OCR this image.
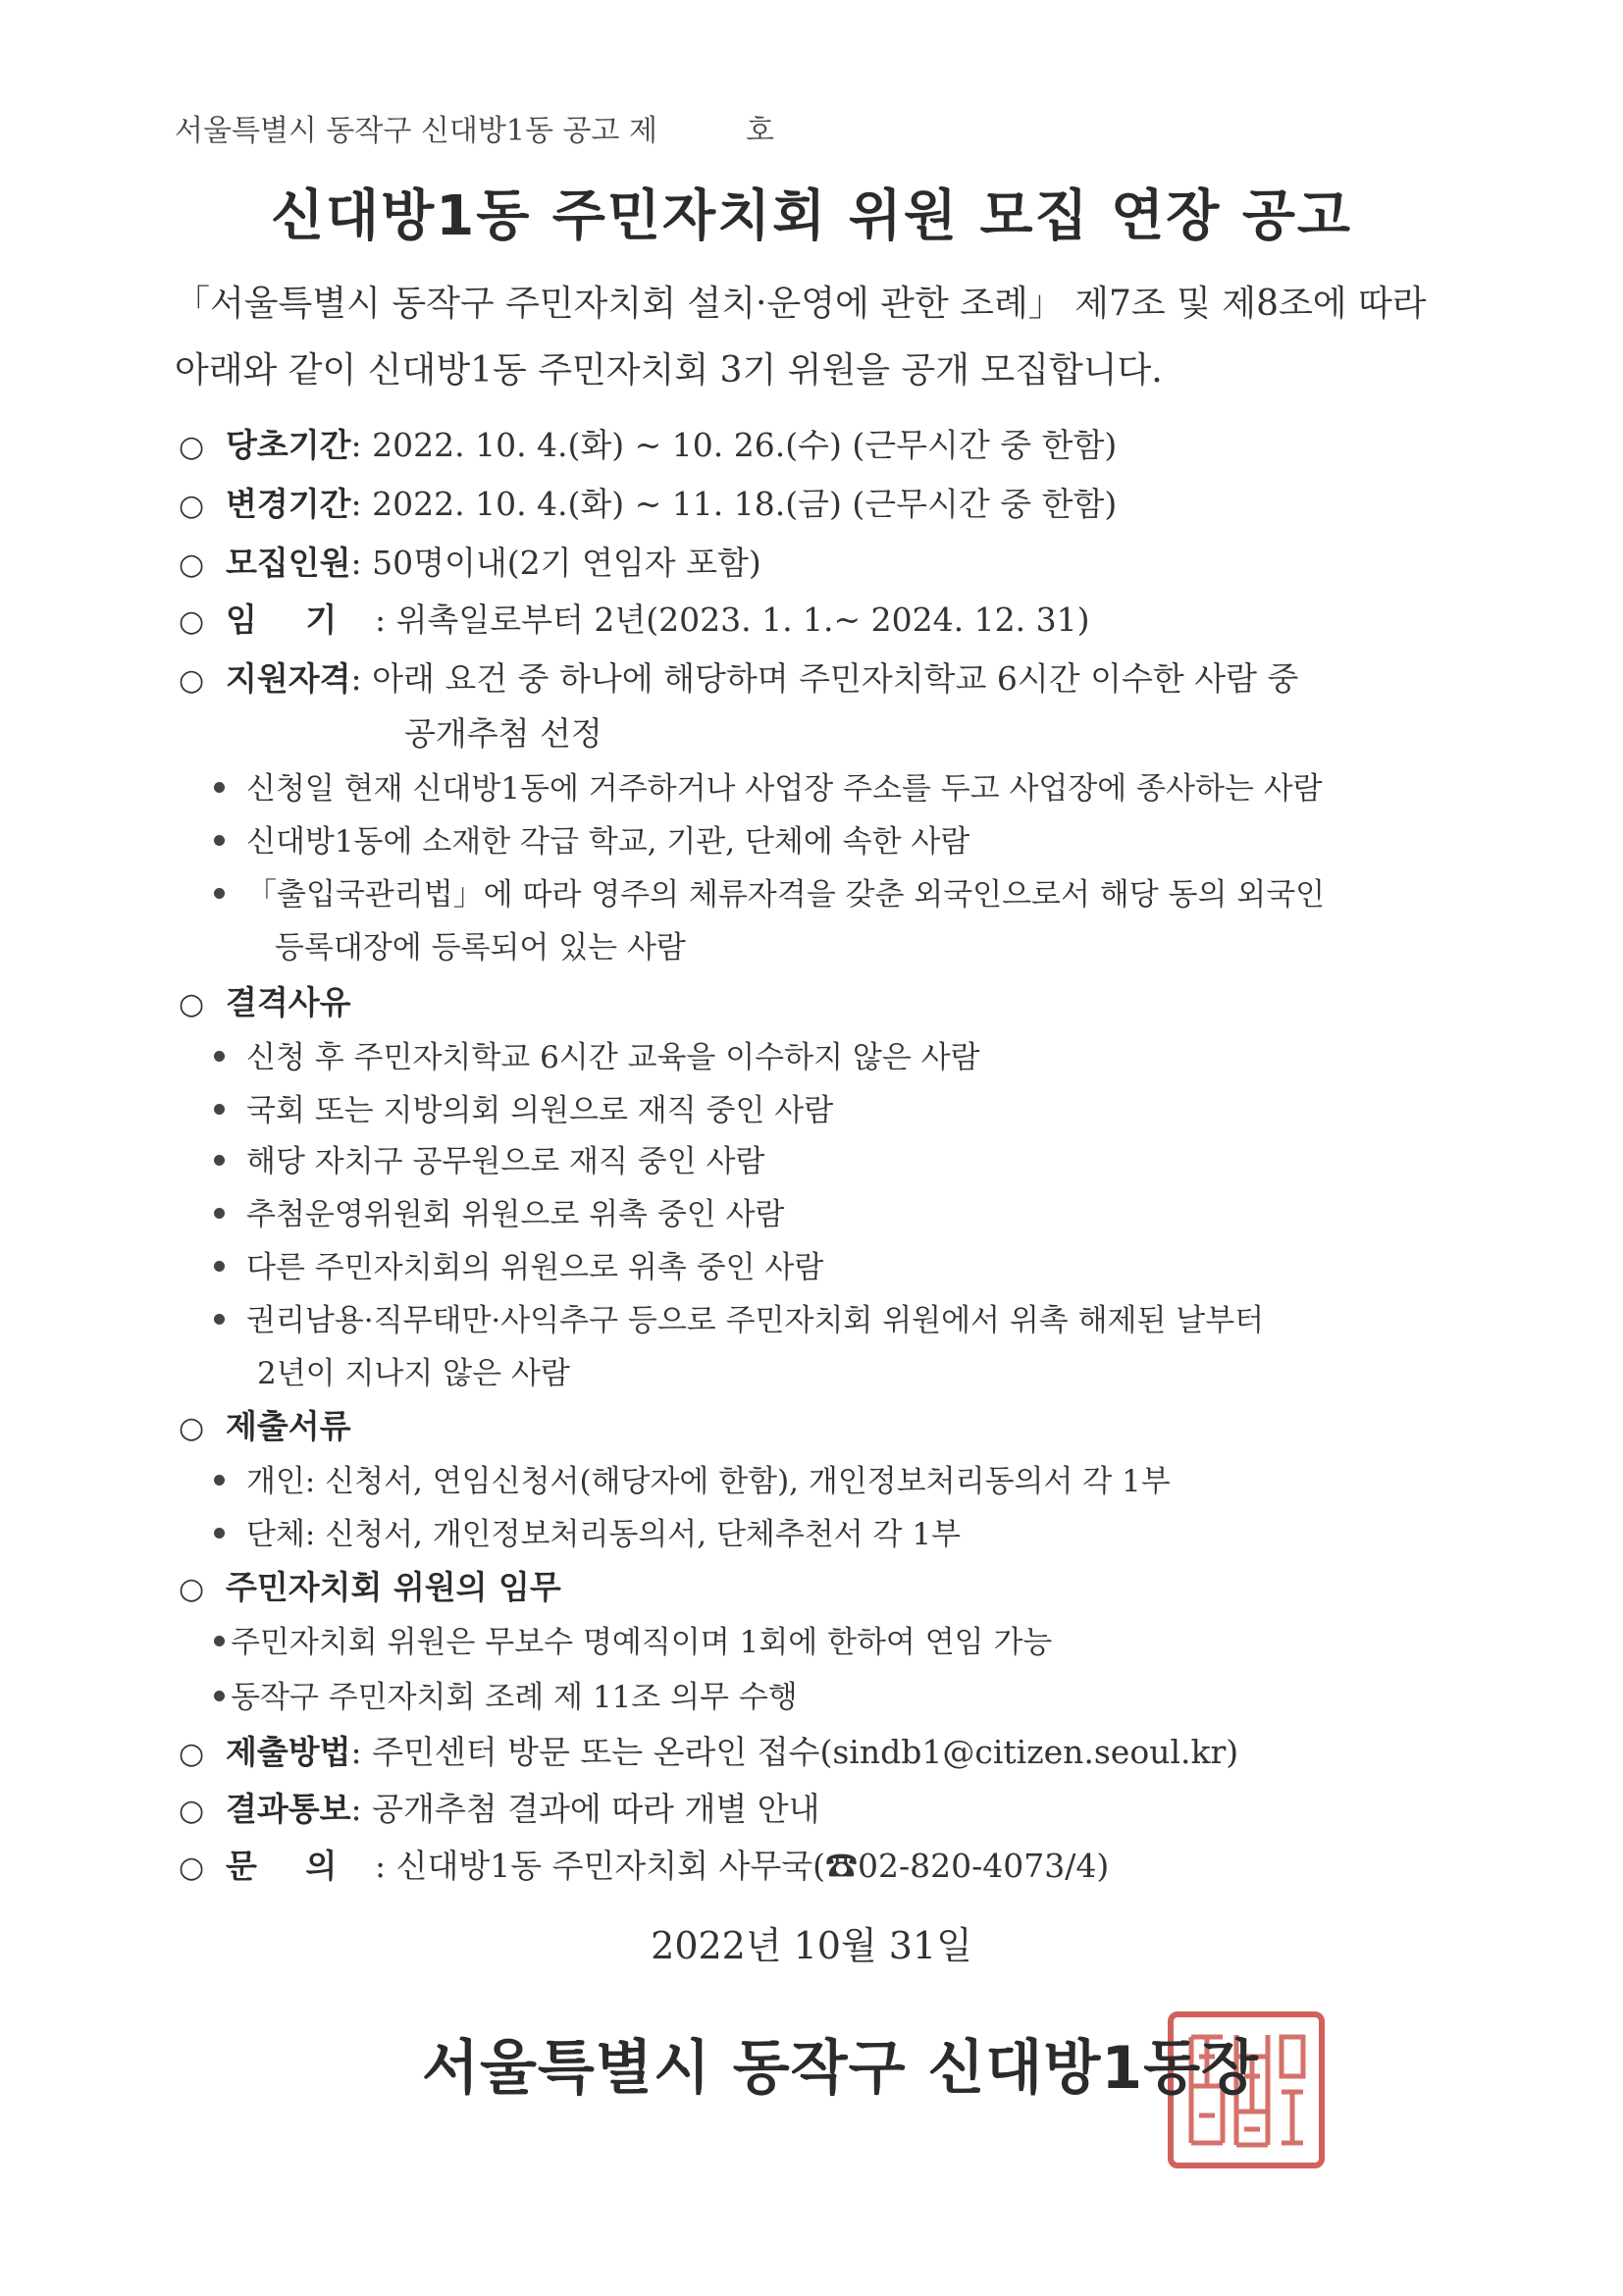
서울특별시 동작구 신대방1동 공고 제	호
신대방1동 주민자치회 위원 모집 연장 공고
「서울특별시 동작구 주민자치회 설치·운영에 관한 조례」 제7조 및 제8조에 따라 아래와 같이 신대방1동 주민자치회 3기 위원을 공개 모집합니다.
○ 당초기간: 2022. 10. 4.(화) ~ 10. 26.(수) (근무시간 중 한함)
○ 변경기간: 2022. 10. 4.(화) ~ 11. 18.(금) (근무시간 중 한함)
○ 모집인원: 50명이내(2기 연임자 포함)
○ 임 기 : 위촉일로부터 2년(2023. 1. 1.~ 2024. 12. 31)
○ 지원자격: 아래 요건 중 하나에 해당하며 주민자치학교 6시간 이수한 사람 중
공개추첨 선정
신청일 현재 신대방1동에 거주하거나 사업장 주소를 두고 사업장에 종사하는 사람
신대방1동에 소재한 각급 학교, 기관, 단체에 속한 사람
「출입국관리법」에 따라 영주의 체류자격을 갖춘 외국인으로서 해당 동의 외국인
등록대장에 등록되어 있는 사람
○ 결격사유
신청 후 주민자치학교 6시간 교육을 이수하지 않은 사람
국회 또는 지방의회 의원으로 재직 중인 사람
해당 자치구 공무원으로 재직 중인 사람
추첨운영위원회 위원으로 위촉 중인 사람
다른 주민자치회의 위원으로 위촉 중인 사람
권리남용·직무태만·사익추구 등으로 주민자치회 위원에서 위촉 해제된 날부터
2년이 지나지 않은 사람
○ 제출서류
개인: 신청서, 연임신청서(해당자에 한함), 개인정보처리동의서 각 1부
단체: 신청서, 개인정보처리동의서, 단체추천서 각 1부
○ 주민자치회 위원의 임무
주민자치회 위원은 무보수 명예직이며 1회에 한하여 연임 가능
동작구 주민자치회 조례 제 11조 의무 수행
○ 제출방법: 주민센터 방문 또는 온라인 접수(sindb1@citizen.seoul.kr)
○ 결과통보: 공개추첨 결과에 따라 개별 안내
○ 문 의 : 신대방1동 주민자치회 사무국(☎02-820-4073/4)
2022년 10월 31일
서울특별시 동작구 신대방1동장
